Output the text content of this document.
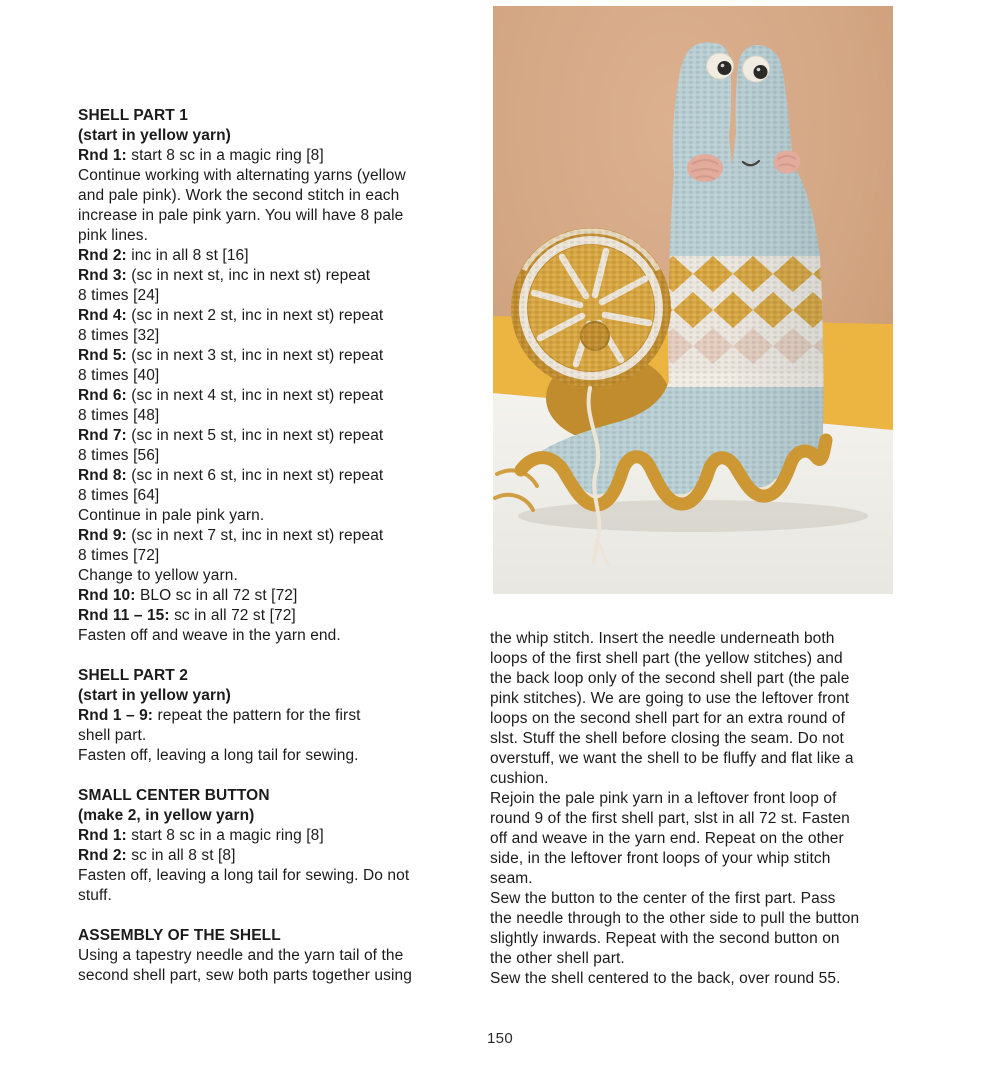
SHELL PART 1
(start in yellow yarn)
Rnd 1: start 8 sc in a magic ring [8]
Continue working with alternating yarns (yellow
and pale pink). Work the second stitch in each
increase in pale pink yarn. You will have 8 pale
pink lines.
Rnd 2: inc in all 8 st [16]
Rnd 3: (sc in next st, inc in next st) repeat
8 times [24]
Rnd 4: (sc in next 2 st, inc in next st) repeat
8 times [32]
Rnd 5: (sc in next 3 st, inc in next st) repeat
8 times [40]
Rnd 6: (sc in next 4 st, inc in next st) repeat
8 times [48]
Rnd 7: (sc in next 5 st, inc in next st) repeat
8 times [56]
Rnd 8: (sc in next 6 st, inc in next st) repeat
8 times [64]
Continue in pale pink yarn.
Rnd 9: (sc in next 7 st, inc in next st) repeat
8 times [72]
Change to yellow yarn.
Rnd 10: BLO sc in all 72 st [72]
Rnd 11 – 15: sc in all 72 st [72]
Fasten off and weave in the yarn end.
SHELL PART 2
(start in yellow yarn)
Rnd 1 – 9: repeat the pattern for the first
shell part.
Fasten off, leaving a long tail for sewing.
SMALL CENTER BUTTON
(make 2, in yellow yarn)
Rnd 1: start 8 sc in a magic ring [8]
Rnd 2: sc in all 8 st [8]
Fasten off, leaving a long tail for sewing. Do not
stuff.
ASSEMBLY OF THE SHELL
Using a tapestry needle and the yarn tail of the
second shell part, sew both parts together using
the whip stitch. Insert the needle underneath both
loops of the first shell part (the yellow stitches) and
the back loop only of the second shell part (the pale
pink stitches). We are going to use the leftover front
loops on the second shell part for an extra round of
slst. Stuff the shell before closing the seam. Do not
overstuff, we want the shell to be fluffy and flat like a
cushion.
Rejoin the pale pink yarn in a leftover front loop of
round 9 of the first shell part, slst in all 72 st. Fasten
off and weave in the yarn end. Repeat on the other
side, in the leftover front loops of your whip stitch
seam.
Sew the button to the center of the first part. Pass
the needle through to the other side to pull the button
slightly inwards. Repeat with the second button on
the other shell part.
Sew the shell centered to the back, over round 55.
150
